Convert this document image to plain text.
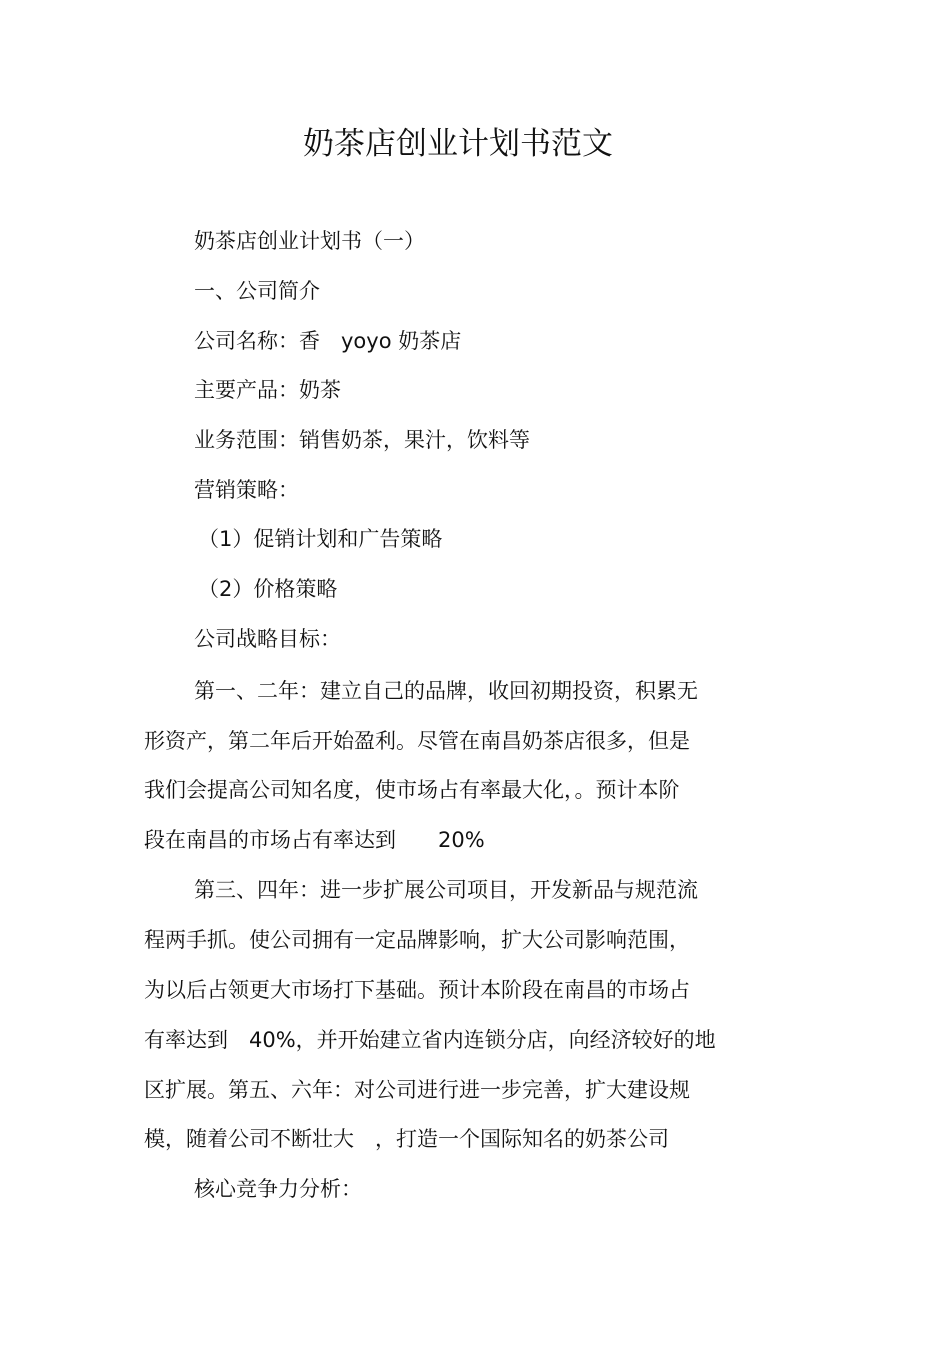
奶茶店创业计划书范文
奶茶店创业计划书（一）
一、公司简介
公司名称：香　yoyo 奶茶店
主要产品：奶茶
业务范围：销售奶茶，果汁，饮料等
营销策略：
（1）促销计划和广告策略
（2）价格策略
公司战略目标：
第一、二年：建立自己的品牌，收回初期投资，积累无
形资产，第二年后开始盈利。尽管在南昌奶茶店很多，但是
我们会提高公司知名度，使市场占有率最大化，。预计本阶
段在南昌的市场占有率达到　　20%
第三、四年：进一步扩展公司项目，开发新品与规范流
程两手抓。使公司拥有一定品牌影响，扩大公司影响范围，
为以后占领更大市场打下基础。预计本阶段在南昌的市场占
有率达到　40%，并开始建立省内连锁分店，向经济较好的地
区扩展。第五、六年：对公司进行进一步完善，扩大建设规
模，随着公司不断壮大　，打造一个国际知名的奶茶公司
核心竞争力分析：
